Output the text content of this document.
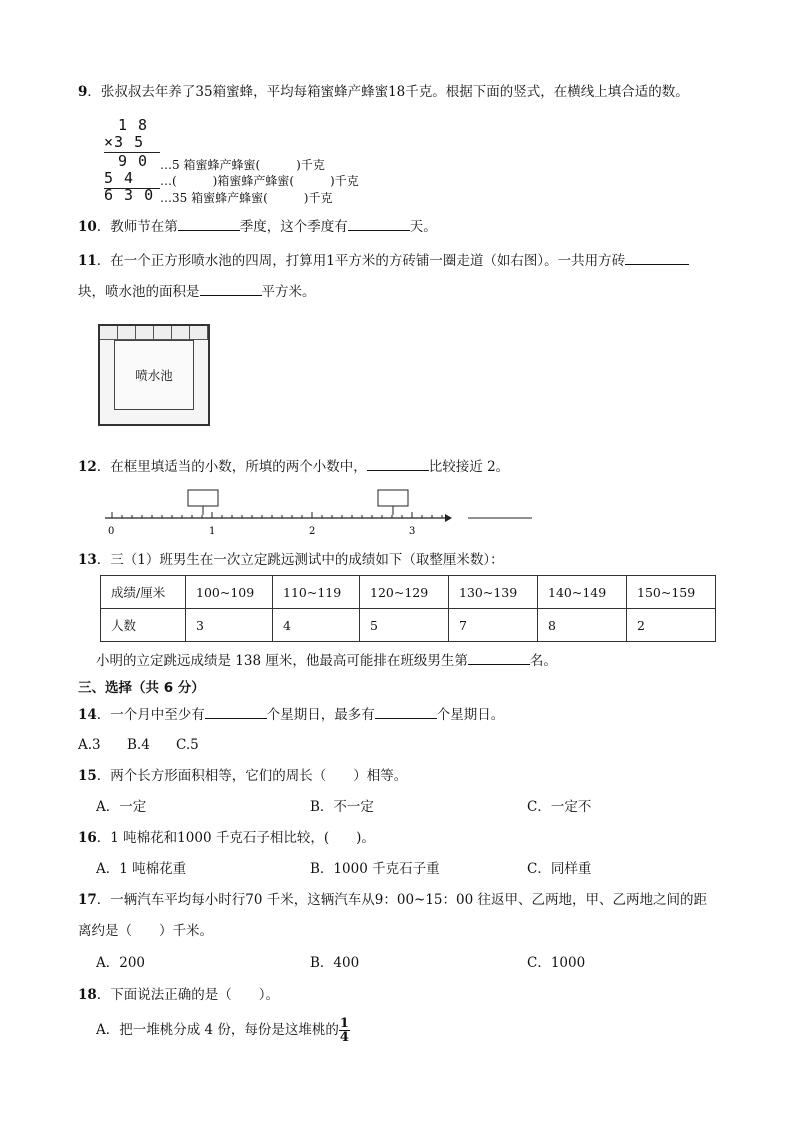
9．张叔叔去年养了35箱蜜蜂，平均每箱蜜蜂产蜂蜜18千克。根据下面的竖式，在横线上填合适的数。
1 8
×3 5
9 0 …5 箱蜜蜂产蜂蜜(　　　)千克
5 4 …(　　　)箱蜜蜂产蜂蜜(　　　)千克
6 3 0 …35 箱蜜蜂产蜂蜜(　　　)千克
10．教师节在第	季度，这个季度有	天。
11．在一个正方形喷水池的四周，打算用1平方米的方砖铺一圈走道（如右图）。一共用方砖
块，喷水池的面积是	平方米。
喷水池
12．在框里填适当的小数，所填的两个小数中，	比较接近 2。
0	1	2	3
13．三（1）班男生在一次立定跳远测试中的成绩如下（取整厘米数）：
成绩/厘米	100~109	110~119	120~129	130~139	140~149	150~159
人数	3	4	5	7	8	2
小明的立定跳远成绩是 138 厘米，他最高可能排在班级男生第	名。
三、选择（共 6 分）
14．一个月中至少有	个星期日，最多有	个星期日。
A.3 B.4 C.5
15．两个长方形面积相等，它们的周长（　　）相等。
A．一定	B．不一定	C．一定不
16．1 吨棉花和1000 千克石子相比较，(　　)。
A．1 吨棉花重	B．1000 千克石子重	C．同样重
17．一辆汽车平均每小时行70 千米，这辆汽车从9：00~15：00 往返甲、乙两地，甲、乙两地之间的距
离约是（　　）千米。
A．200	B．400	C．1000
18．下面说法正确的是（　　）。
A．把一堆桃分成 4 份，每份是这堆桃的 $\frac{1}{4}$
